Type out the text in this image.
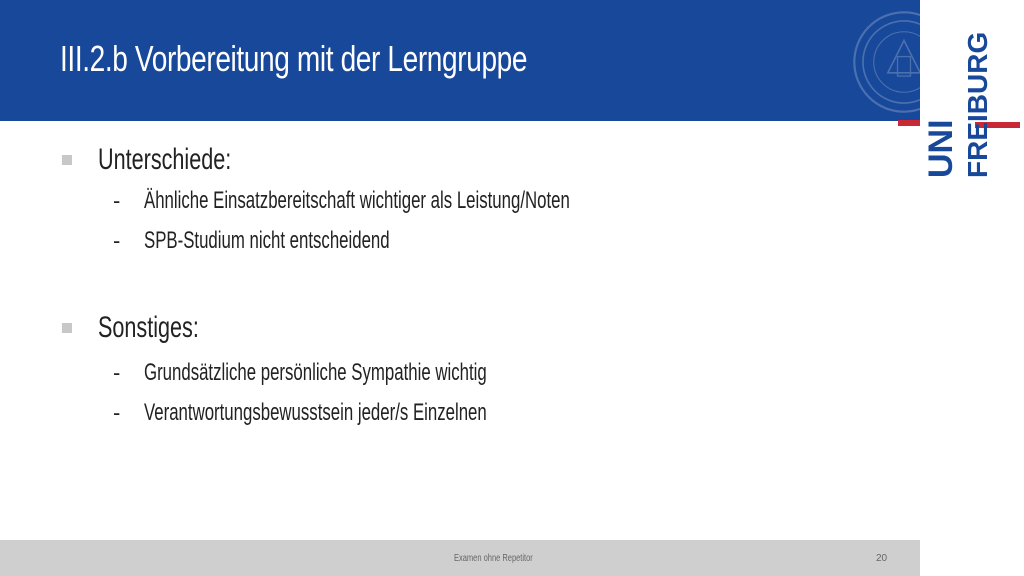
III.2.b Vorbereitung mit der Lerngruppe
UNI FREIBURG
Unterschiede:
- Ähnliche Einsatzbereitschaft wichtiger als Leistung/Noten
- SPB-Studium nicht entscheidend
Sonstiges:
- Grundsätzliche persönliche Sympathie wichtig
- Verantwortungsbewusstsein jeder/s Einzelnen
Examen ohne Repetitor	20
